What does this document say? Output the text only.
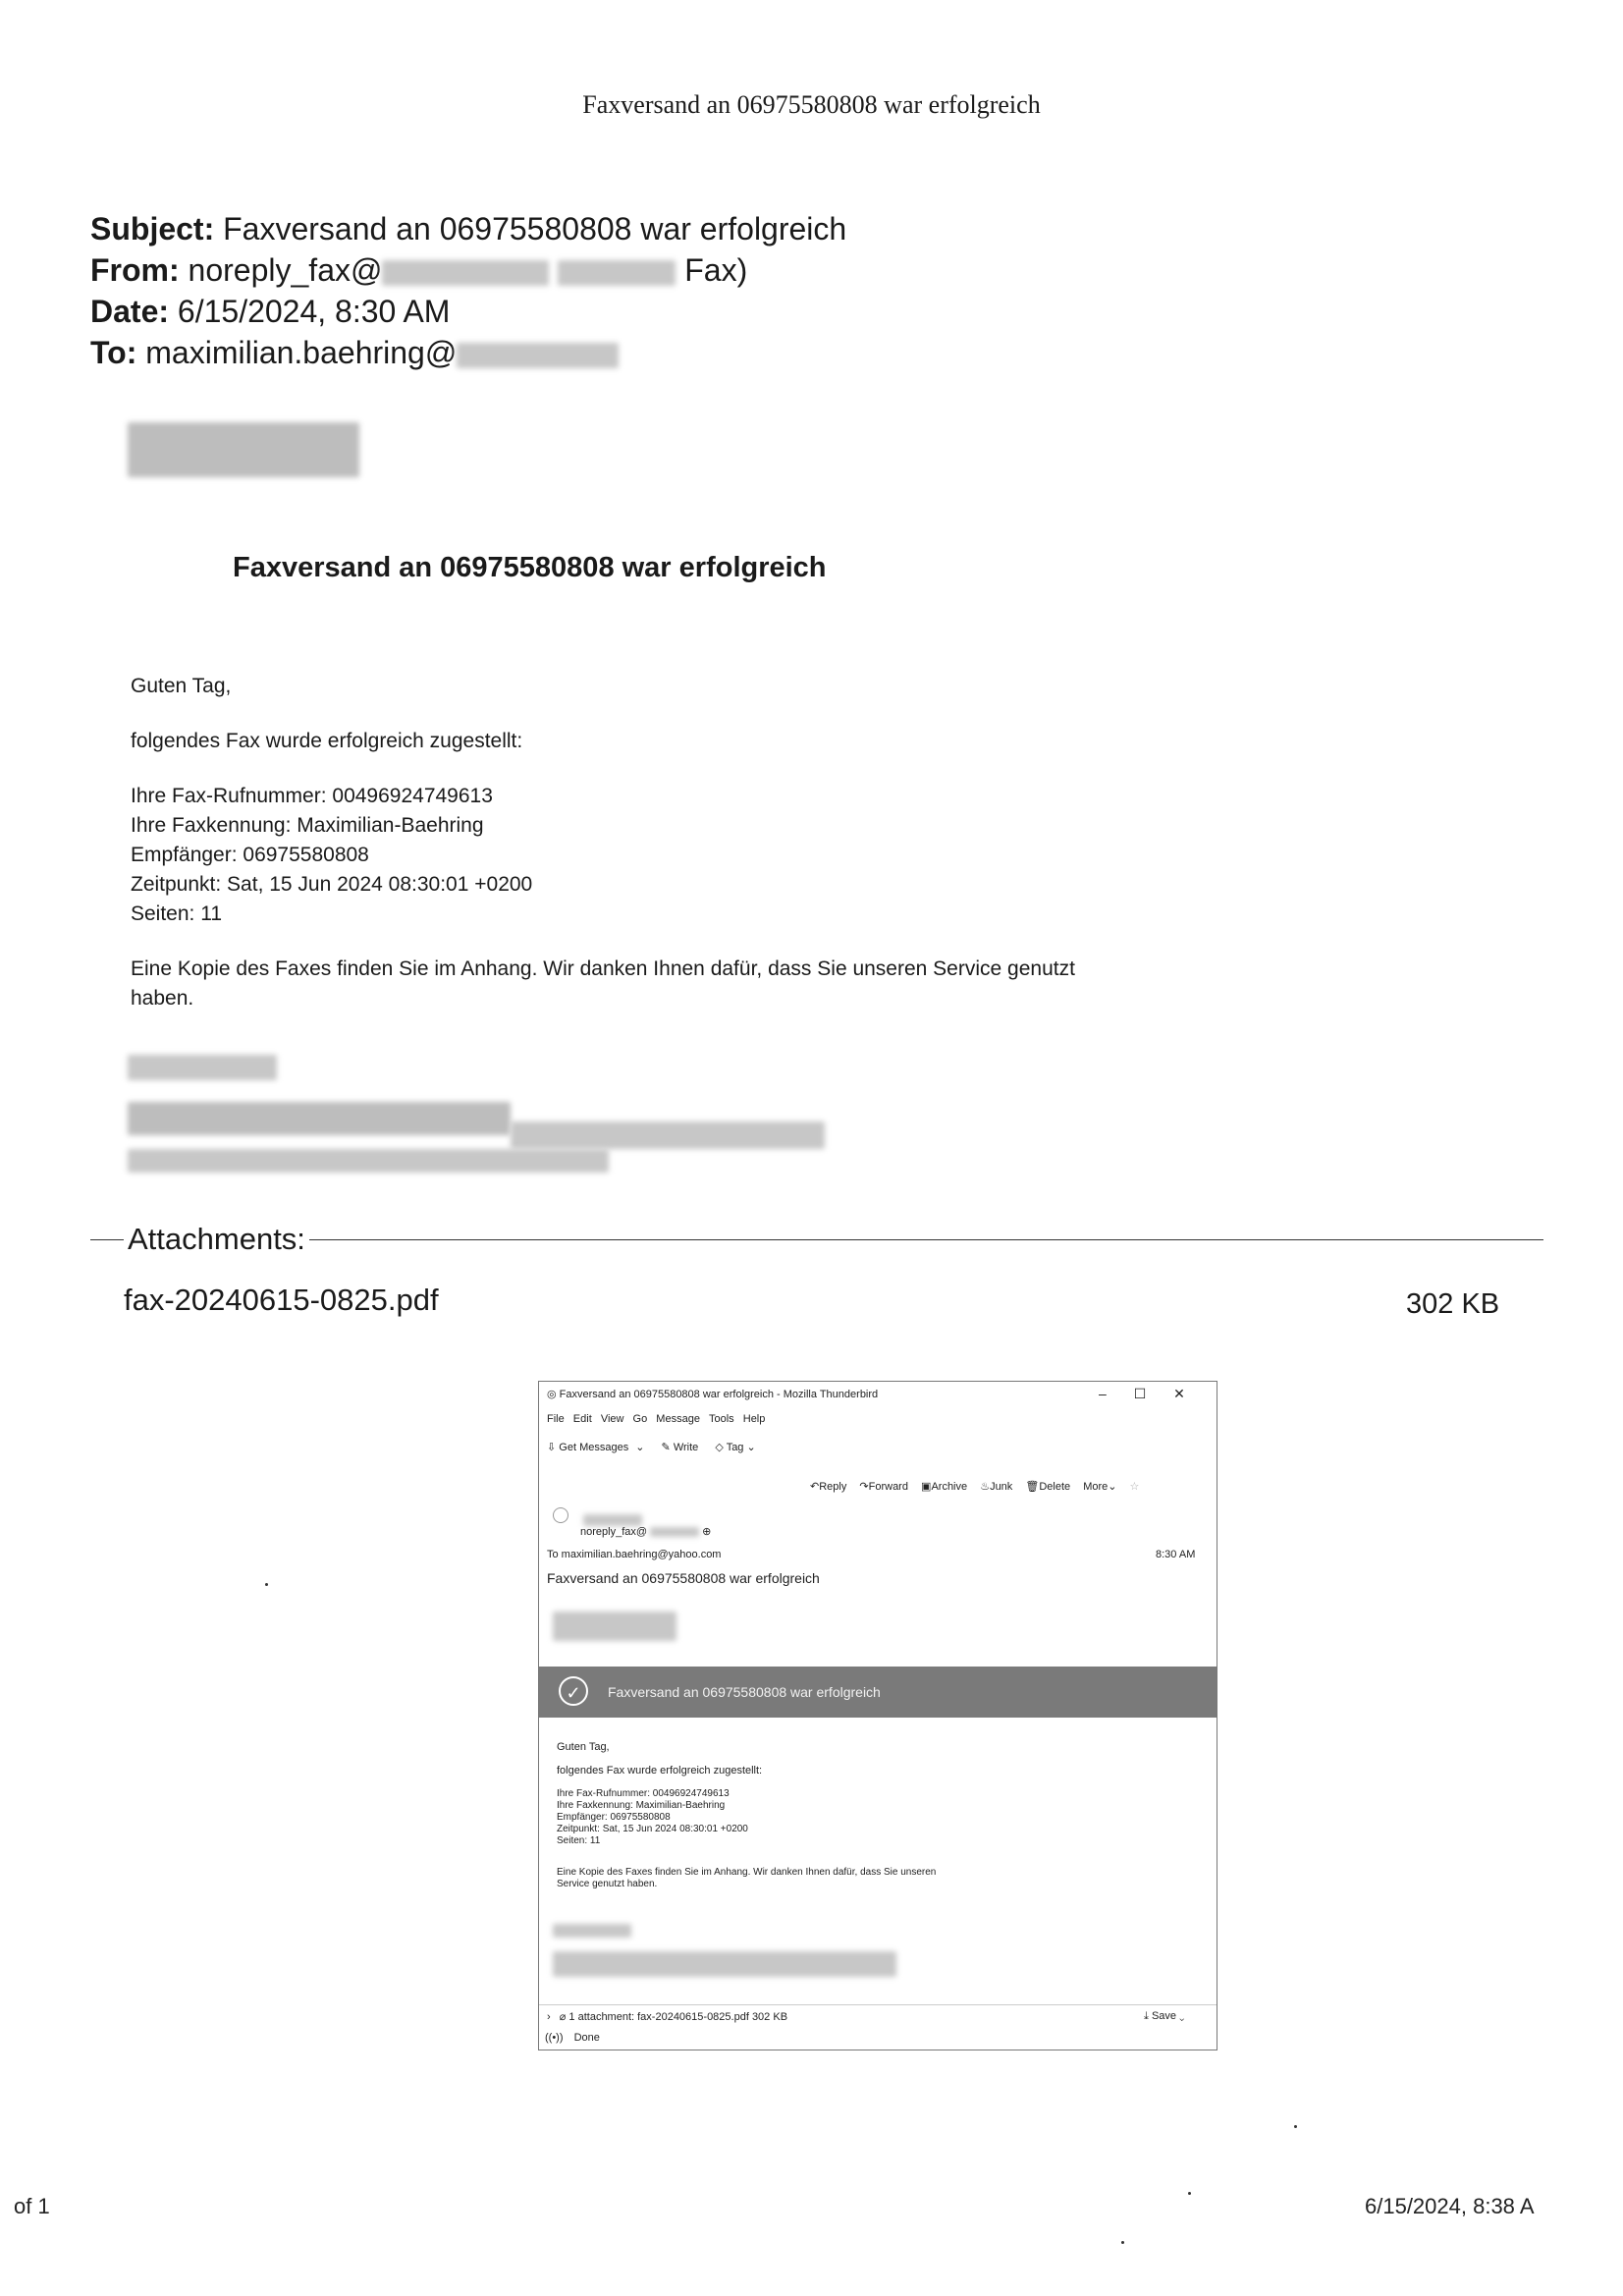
Faxversand an 06975580808 war erfolgreich
Subject: Faxversand an 06975580808 war erfolgreich
From: noreply_fax@	Fax)
Date: 6/15/2024, 8:30 AM
To: maximilian.baehring@
Faxversand an 06975580808 war erfolgreich
Guten Tag,
folgendes Fax wurde erfolgreich zugestellt:
Ihre Fax-Rufnummer: 00496924749613
Ihre Faxkennung: Maximilian-Baehring
Empfänger: 06975580808
Zeitpunkt: Sat, 15 Jun 2024 08:30:01 +0200
Seiten: 11
Eine Kopie des Faxes finden Sie im Anhang. Wir danken Ihnen dafür, dass Sie unseren Service genutzt
haben.
Attachments:
fax-20240615-0825.pdf	302 KB
◎ Faxversand an 06975580808 war erfolgreich - Mozilla Thunderbird	– ☐ ✕
File Edit View Go Message Tools Help
⇩ Get Messages ⌄ ✎ Write ◇ Tag ⌄
↶Reply ↷Forward ▣Archive ♨Junk 🗑Delete More⌄ ☆

noreply_fax@	⊕
To maximilian.baehring@yahoo.com	8:30 AM
Faxversand an 06975580808 war erfolgreich
✓	Faxversand an 06975580808 war erfolgreich
Guten Tag,
folgendes Fax wurde erfolgreich zugestellt:
Ihre Fax-Rufnummer: 00496924749613
Ihre Faxkennung: Maximilian-Baehring
Empfänger: 06975580808
Zeitpunkt: Sat, 15 Jun 2024 08:30:01 +0200
Seiten: 11
Eine Kopie des Faxes finden Sie im Anhang. Wir danken Ihnen dafür, dass Sie unseren
Service genutzt haben.
› ⌀ 1 attachment: fax-20240615-0825.pdf 302 KB	⤓ Save ⌄
((•)) Done
of 1	6/15/2024, 8:38 A
